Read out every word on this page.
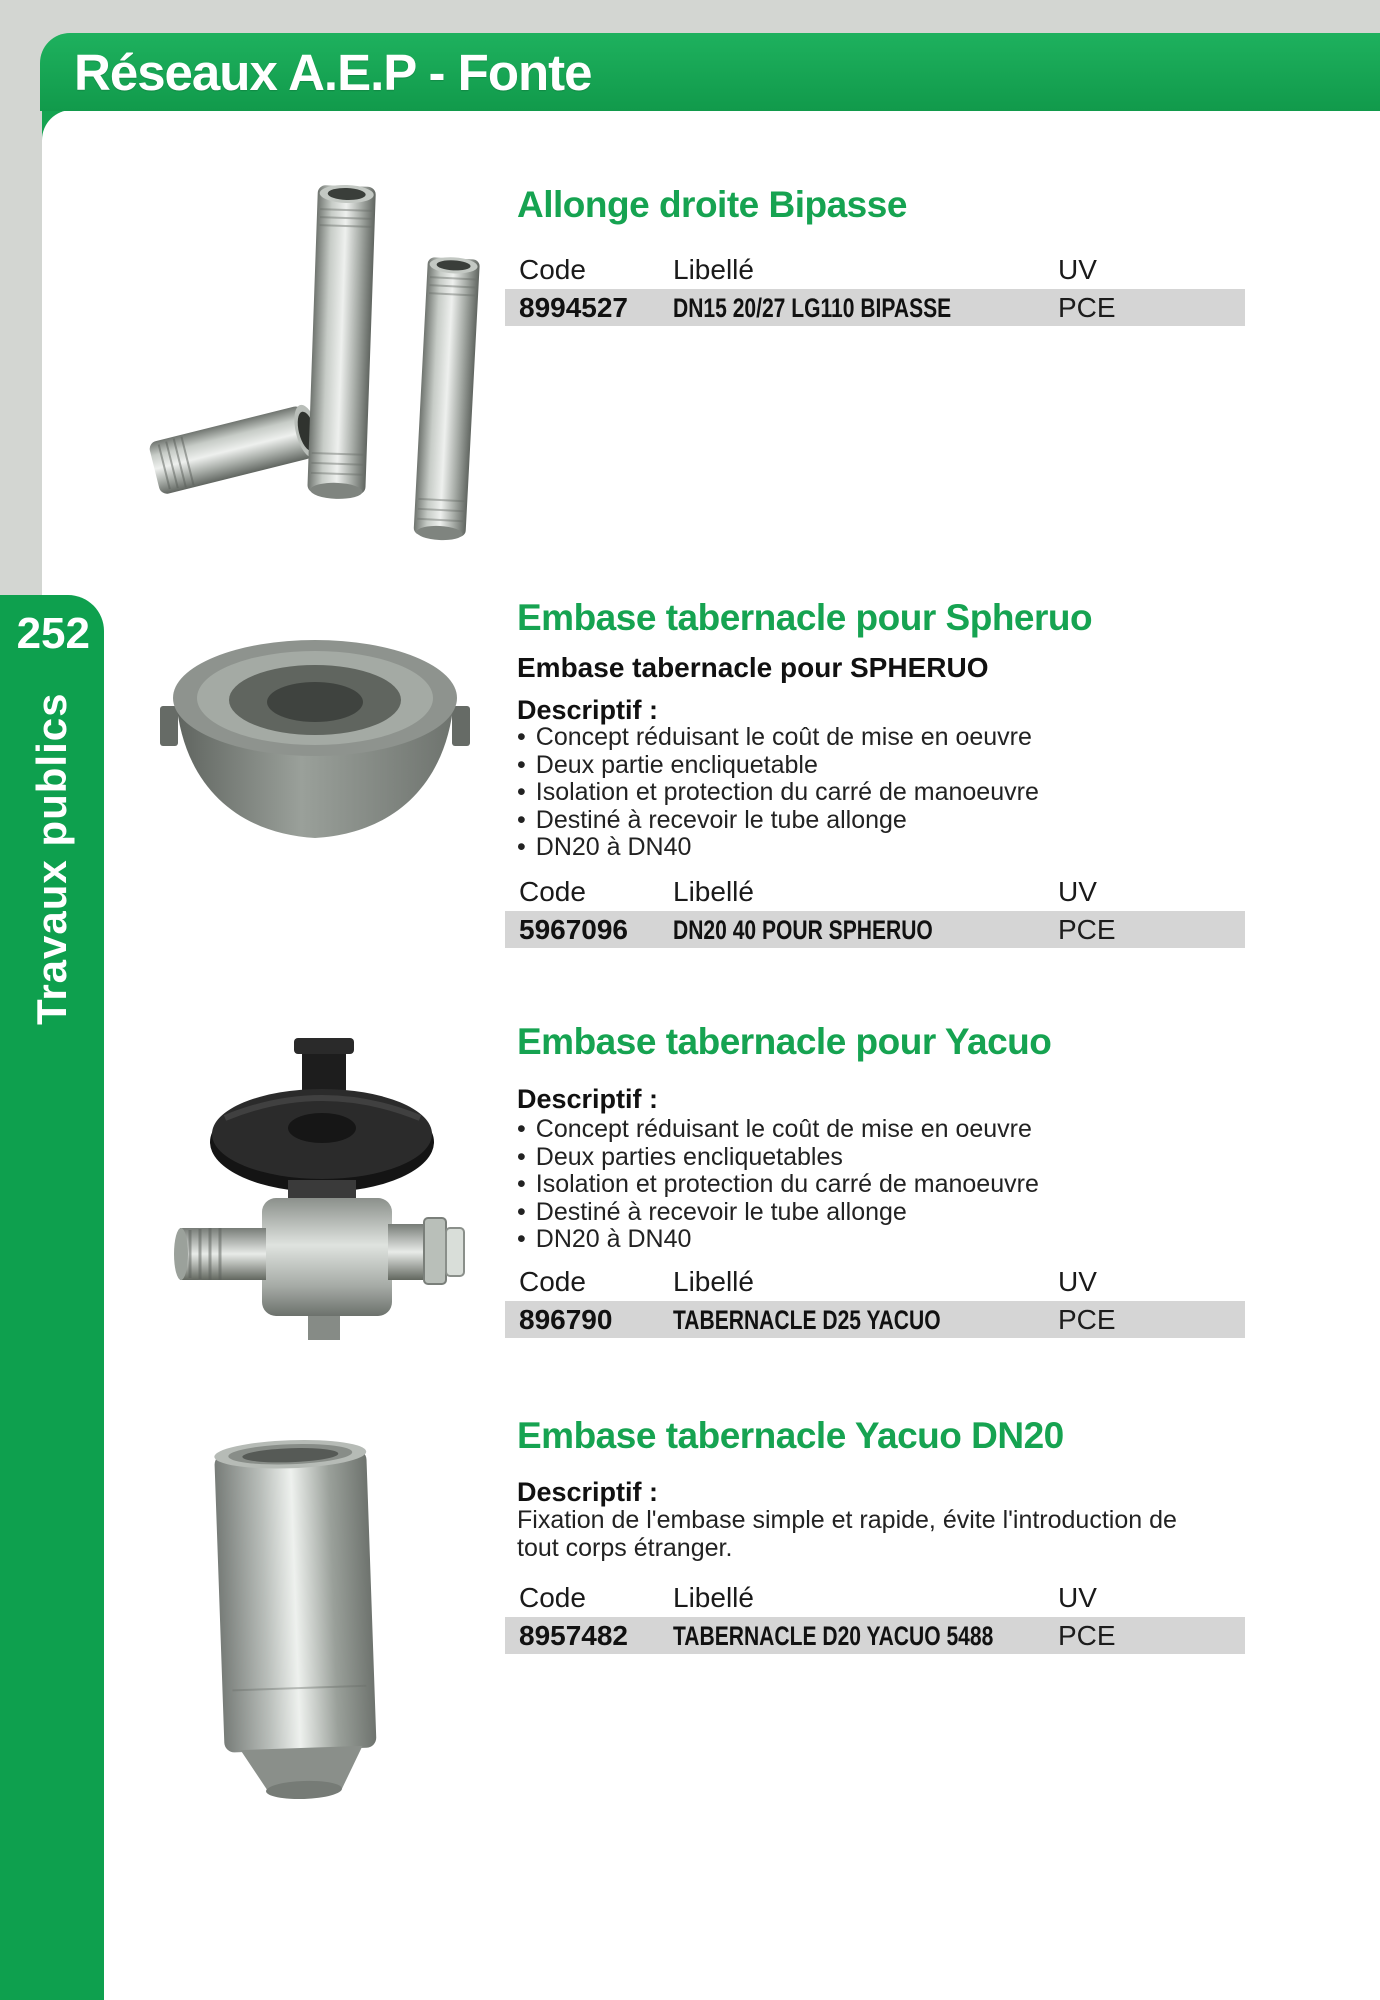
Réseaux A.E.P - Fonte
252
Travaux publics
Allonge droite Bipasse
Code	Libellé	UV
8994527	DN15 20/27 LG110 BIPASSE	PCE
Embase tabernacle pour Spheruo
Embase tabernacle pour SPHERUO
Descriptif :
• Concept réduisant le coût de mise en oeuvre
• Deux partie encliquetable
• Isolation et protection du carré de manoeuvre
• Destiné à recevoir le tube allonge
• DN20 à DN40
Code	Libellé	UV
5967096	DN20 40 POUR SPHERUO	PCE
Embase tabernacle pour Yacuo
Descriptif :
• Concept réduisant le coût de mise en oeuvre
• Deux parties encliquetables
• Isolation et protection du carré de manoeuvre
• Destiné à recevoir le tube allonge
• DN20 à DN40
Code	Libellé	UV
896790	TABERNACLE D25 YACUO	PCE
Embase tabernacle Yacuo DN20
Descriptif :
Fixation de l'embase simple et rapide, évite l'introduction de
tout corps étranger.
Code	Libellé	UV
8957482	TABERNACLE D20 YACUO 5488	PCE
